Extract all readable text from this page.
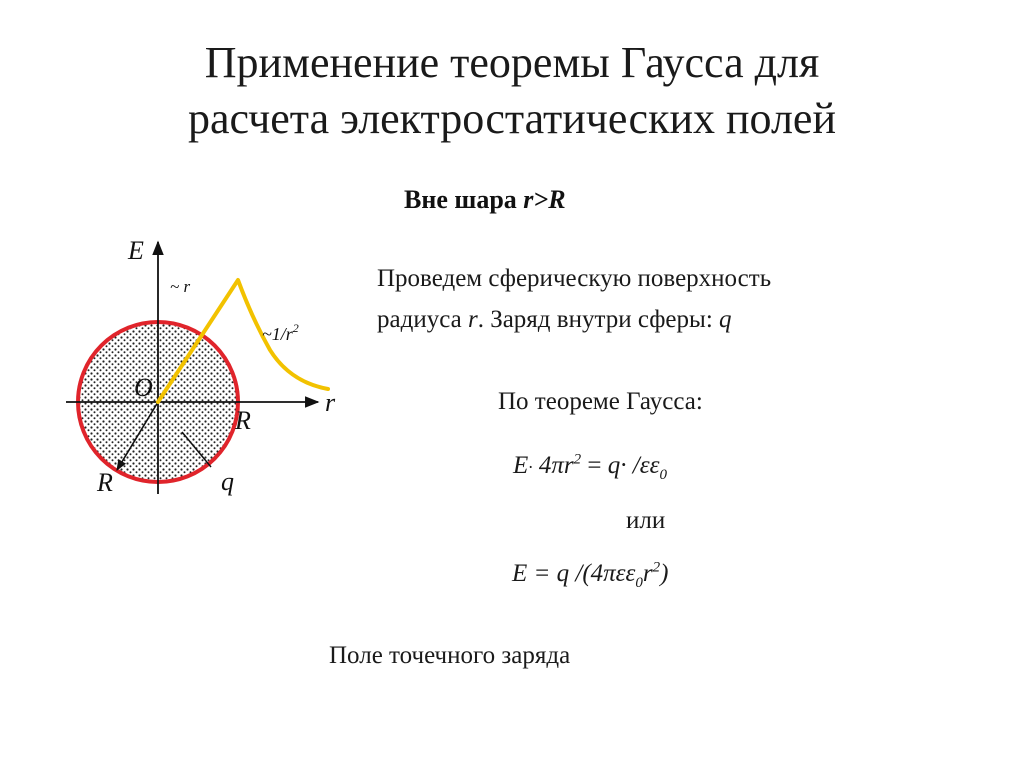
Применение теоремы Гаусса для
расчета электростатических полей
Вне шара r>R
E
r
O
R
R	q
~ r
$\sim 1/r^2$
Проведем сферическую поверхность
радиуса r. Заряд внутри сферы: q
По теореме Гаусса:
$E\cdot 4\pi r^2 = q\cdot /\varepsilon\varepsilon_0$
или
E = q $/(4\pi\varepsilon\varepsilon_0r^2)$
Поле точечного заряда
